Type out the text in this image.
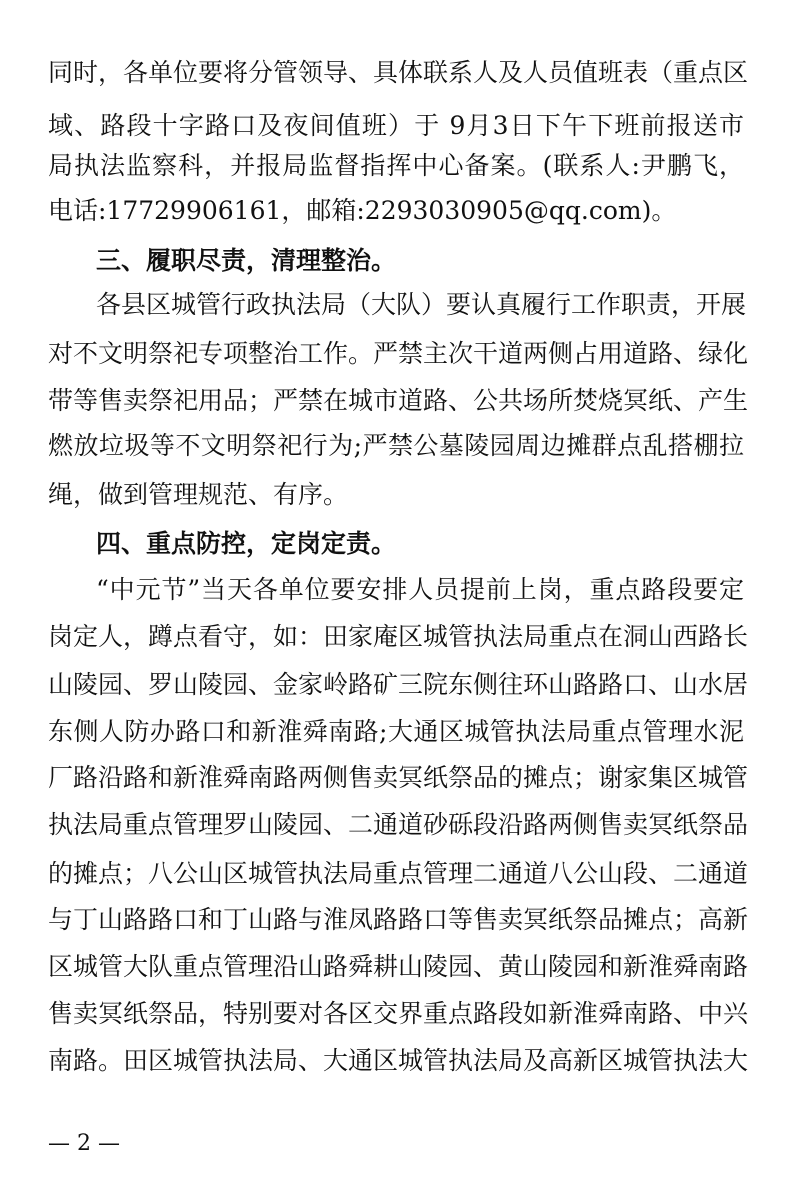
同时，各单位要将分管领导、具体联系人及人员值班表（重点区
域、路段十字路口及夜间值班）于 9月3日下午下班前报送市
局执法监察科，并报局监督指挥中心备案。(联系人:尹鹏飞，
电话:17729906161，邮箱:2293030905@qq.com)。
三、履职尽责，清理整治。
各县区城管行政执法局（大队）要认真履行工作职责，开展
对不文明祭祀专项整治工作。严禁主次干道两侧占用道路、绿化
带等售卖祭祀用品；严禁在城市道路、公共场所焚烧冥纸、产生
燃放垃圾等不文明祭祀行为;严禁公墓陵园周边摊群点乱搭棚拉
绳，做到管理规范、有序。
四、重点防控，定岗定责。
“中元节”当天各单位要安排人员提前上岗，重点路段要定
岗定人，蹲点看守，如：田家庵区城管执法局重点在洞山西路长
山陵园、罗山陵园、金家岭路矿三院东侧往环山路路口、山水居
东侧人防办路口和新淮舜南路;大通区城管执法局重点管理水泥
厂路沿路和新淮舜南路两侧售卖冥纸祭品的摊点；谢家集区城管
执法局重点管理罗山陵园、二通道砂砾段沿路两侧售卖冥纸祭品
的摊点；八公山区城管执法局重点管理二通道八公山段、二通道
与丁山路路口和丁山路与淮凤路路口等售卖冥纸祭品摊点；高新
区城管大队重点管理沿山路舜耕山陵园、黄山陵园和新淮舜南路
售卖冥纸祭品，特别要对各区交界重点路段如新淮舜南路、中兴
南路。田区城管执法局、大通区城管执法局及高新区城管执法大
— 2 —
